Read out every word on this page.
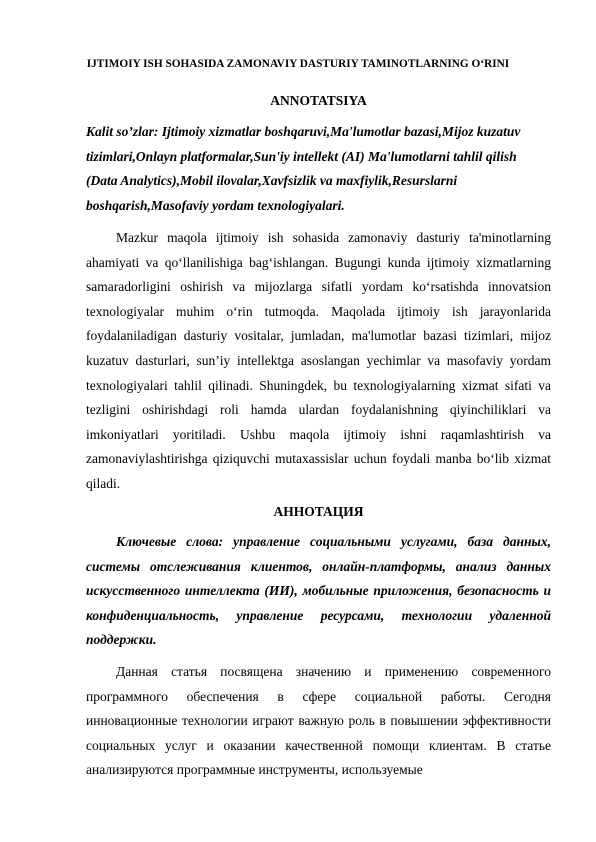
IJTIMOIY ISH SOHASIDA ZAMONAVIY DASTURIY TAMINOTLARNING O‘RINI
ANNOTATSIYA

Kalit so’zlar: Ijtimoiy xizmatlar boshqaruvi,Ma'lumotlar bazasi,Mijoz kuzatuv tizimlari,Onlayn platformalar,Sun'iy intellekt (AI) Ma'lumotlarni tahlil qilish (Data Analytics),Mobil ilovalar,Xavfsizlik va maxfiylik,Resurslarni boshqarish,Masofaviy yordam texnologiyalari.

Mazkur maqola ijtimoiy ish sohasida zamonaviy dasturiy ta'minotlarning ahamiyati va qo‘llanilishiga bag‘ishlangan. Bugungi kunda ijtimoiy xizmatlarning samaradorligini oshirish va mijozlarga sifatli yordam ko‘rsatishda innovatsion texnologiyalar muhim o‘rin tutmoqda. Maqolada ijtimoiy ish jarayonlarida foydalaniladigan dasturiy vositalar, jumladan, ma'lumotlar bazasi tizimlari, mijoz kuzatuv dasturlari, sun’iy intellektga asoslangan yechimlar va masofaviy yordam texnologiyalari tahlil qilinadi. Shuningdek, bu texnologiyalarning xizmat sifati va tezligini oshirishdagi roli hamda ulardan foydalanishning qiyinchiliklari va imkoniyatlari yoritiladi. Ushbu maqola ijtimoiy ishni raqamlashtirish va zamonaviylashtirishga qiziquvchi mutaxassislar uchun foydali manba bo‘lib xizmat qiladi.

АННОТАЦИЯ

Ключевые слова: управление социальными услугами, база данных, системы отслеживания клиентов, онлайн-платформы, анализ данных искусственного интеллекта (ИИ), мобильные приложения, безопасность и конфиденциальность, управление ресурсами, технологии удаленной поддержки.

Данная статья посвящена значению и применению современного программного обеспечения в сфере социальной работы. Сегодня инновационные технологии играют важную роль в повышении эффективности социальных услуг и оказании качественной помощи клиентам. В статье анализируются программные инструменты, используемые
